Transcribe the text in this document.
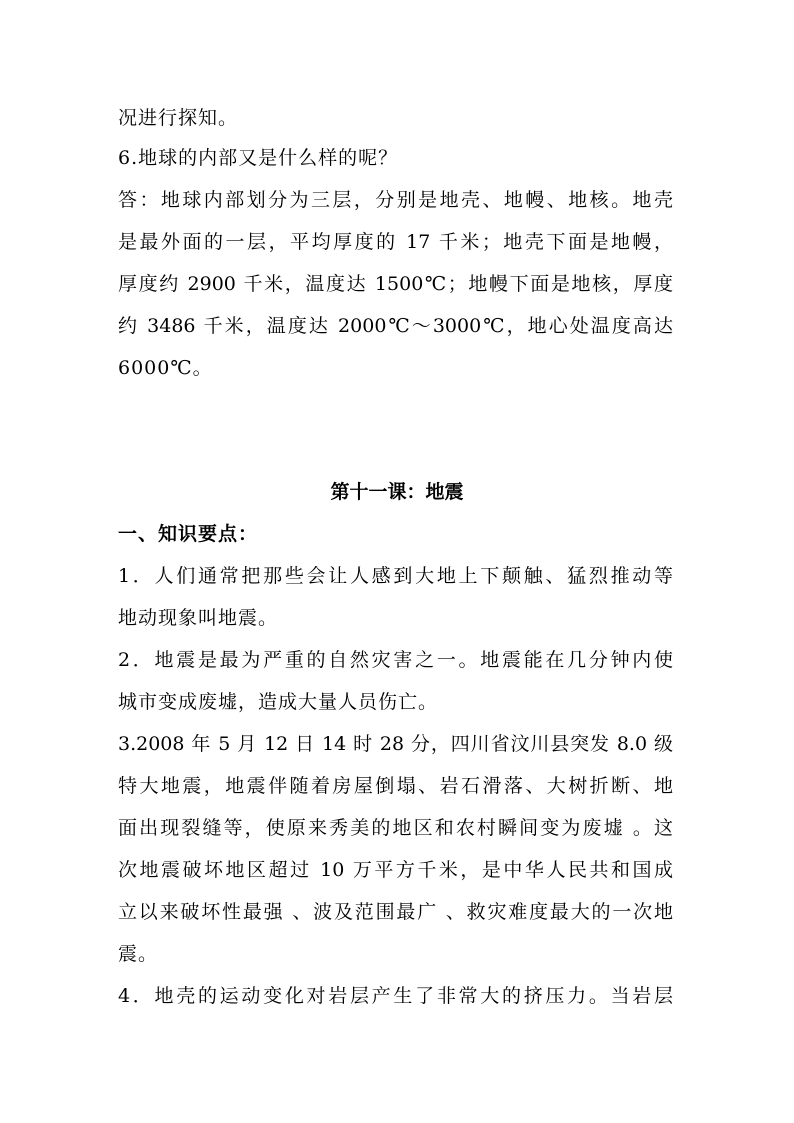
况进行探知。
6.地球的内部又是什么样的呢？
答：地球内部划分为三层，分别是地壳、地幔、地核。地壳
是最外面的一层，平均厚度的 17 千米；地壳下面是地幔，
厚度约 2900 千米，温度达 1500℃；地幔下面是地核，厚度
约 3486 千米，温度达 2000℃～3000℃，地心处温度高达
6000℃。
第十一课：地震
一、知识要点：
1．人们通常把那些会让人感到大地上下颠触、猛烈推动等
地动现象叫地震。
2．地震是最为严重的自然灾害之一。地震能在几分钟内使
城市变成废墟，造成大量人员伤亡。
3.2008 年 5 月 12 日 14 时 28 分，四川省汶川县突发 8.0 级
特大地震，地震伴随着房屋倒塌、岩石滑落、大树折断、地
面出现裂缝等，使原来秀美的地区和农村瞬间变为废墟 。这
次地震破坏地区超过 10 万平方千米，是中华人民共和国成
立以来破坏性最强 、波及范围最广 、救灾难度最大的一次地
震。
4．地壳的运动变化对岩层产生了非常大的挤压力。当岩层
